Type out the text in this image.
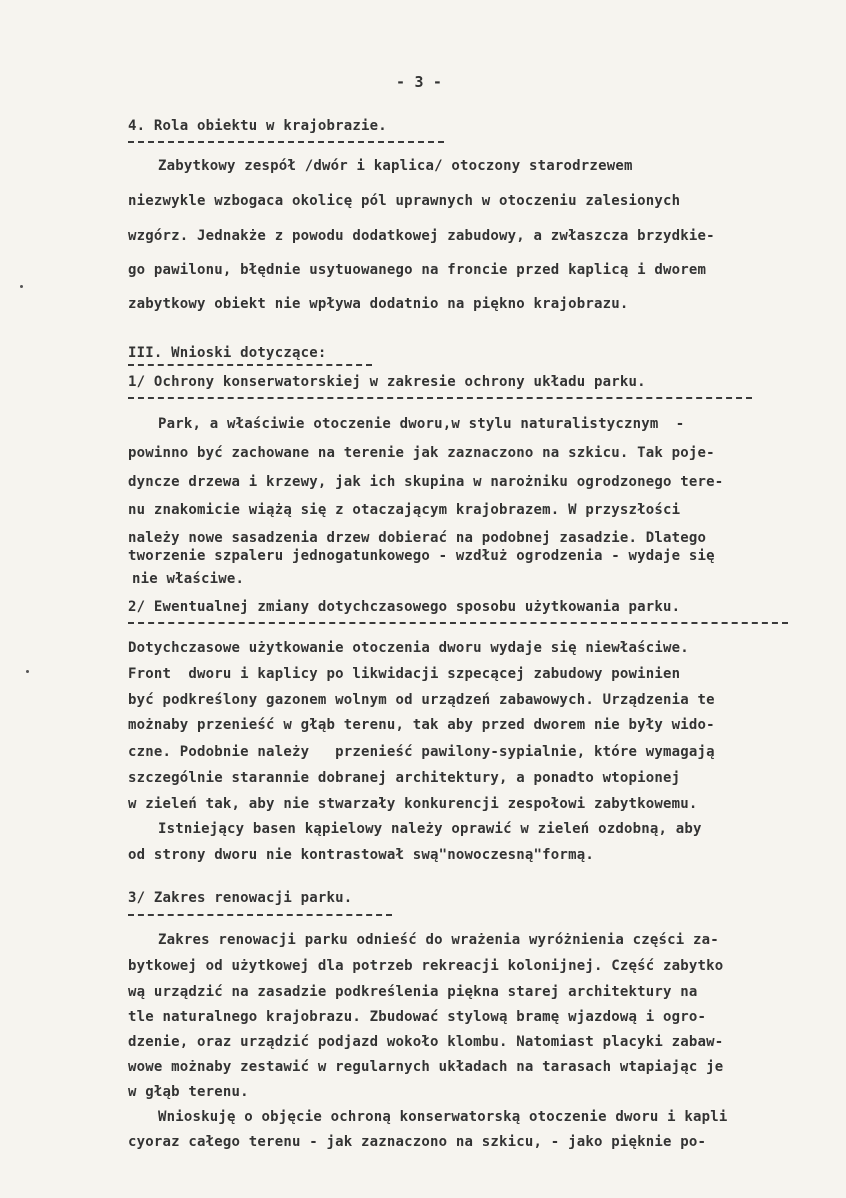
- 3 -
4. Rola obiektu w krajobrazie.
Zabytkowy zespół /dwór i kaplica/ otoczony starodrzewem
niezwykle wzbogaca okolicę pól uprawnych w otoczeniu zalesionych
wzgórz. Jednakże z powodu dodatkowej zabudowy, a zwłaszcza brzydkie-
go pawilonu, błędnie usytuowanego na froncie przed kaplicą i dworem
zabytkowy obiekt nie wpływa dodatnio na piękno krajobrazu.
III. Wnioski dotyczące:
1/ Ochrony konserwatorskiej w zakresie ochrony układu parku.
Park, a właściwie otoczenie dworu,w stylu naturalistycznym  -
powinno być zachowane na terenie jak zaznaczono na szkicu. Tak poje-
dyncze drzewa i krzewy, jak ich skupina w narożniku ogrodzonego tere-
nu znakomicie wiążą się z otaczającym krajobrazem. W przyszłości
należy nowe sasadzenia drzew dobierać na podobnej zasadzie. Dlatego
tworzenie szpaleru jednogatunkowego - wzdłuż ogrodzenia - wydaje się
nie właściwe.
2/ Ewentualnej zmiany dotychczasowego sposobu użytkowania parku.
Dotychczasowe użytkowanie otoczenia dworu wydaje się niewłaściwe.
Front  dworu i kaplicy po likwidacji szpecącej zabudowy powinien
być podkreślony gazonem wolnym od urządzeń zabawowych. Urządzenia te
możnaby przenieść w głąb terenu, tak aby przed dworem nie były wido-
czne. Podobnie należy   przenieść pawilony-sypialnie, które wymagają
szczególnie starannie dobranej architektury, a ponadto wtopionej
w zieleń tak, aby nie stwarzały konkurencji zespołowi zabytkowemu.
Istniejący basen kąpielowy należy oprawić w zieleń ozdobną, aby
od strony dworu nie kontrastował swą"nowoczesną"formą.
3/ Zakres renowacji parku.
Zakres renowacji parku odnieść do wrażenia wyróżnienia części za-
bytkowej od użytkowej dla potrzeb rekreacji kolonijnej. Część zabytko
wą urządzić na zasadzie podkreślenia piękna starej architektury na
tle naturalnego krajobrazu. Zbudować stylową bramę wjazdową i ogro-
dzenie, oraz urządzić podjazd wokoło klombu. Natomiast placyki zabaw-
wowe możnaby zestawić w regularnych układach na tarasach wtapiając je
w głąb terenu.
Wnioskuję o objęcie ochroną konserwatorską otoczenie dworu i kapli
cyoraz całego terenu - jak zaznaczono na szkicu, - jako pięknie po-
